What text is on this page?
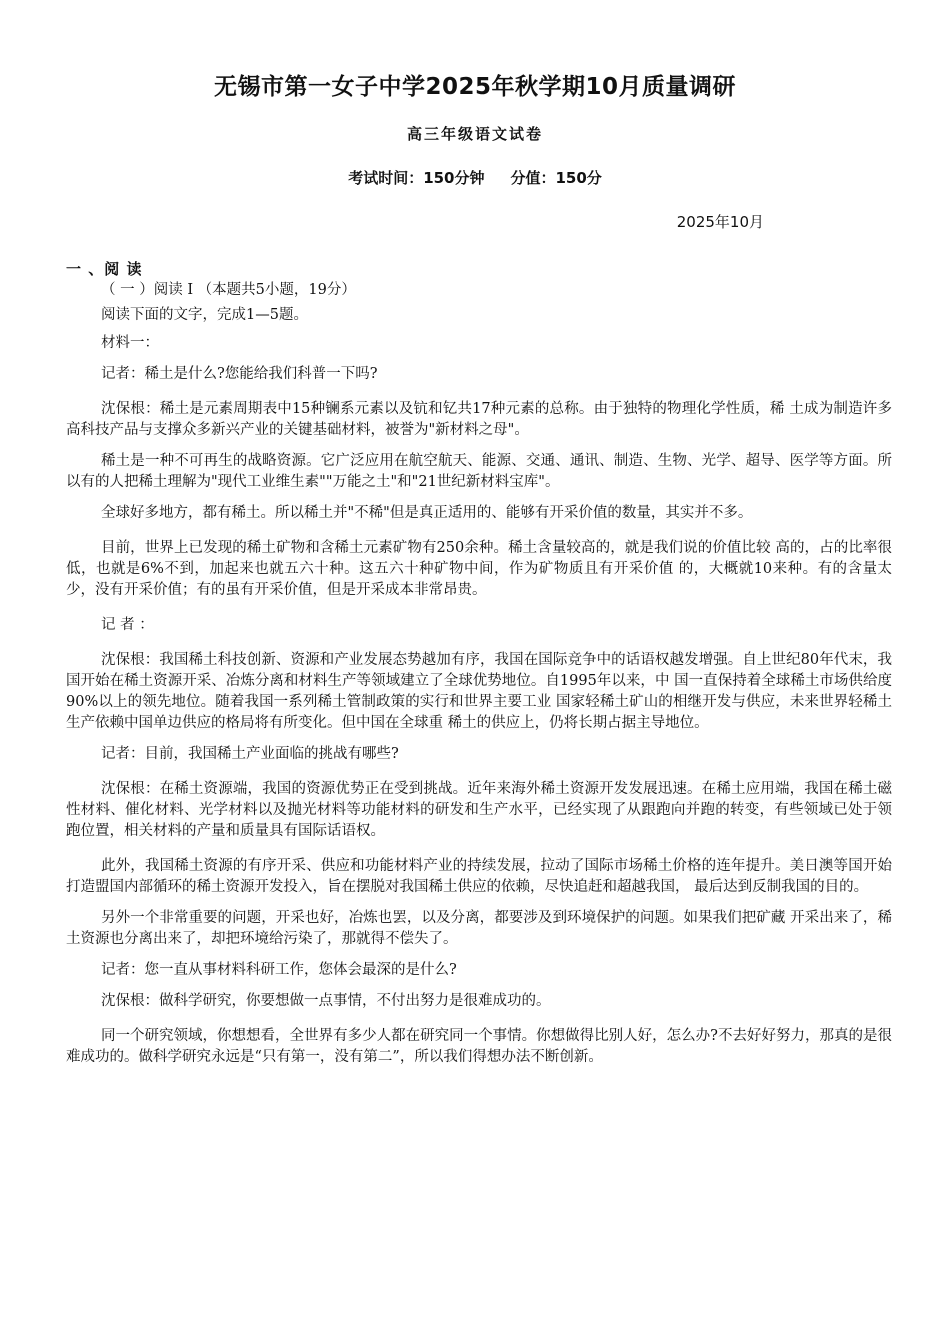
无锡市第一女子中学2025年秋学期10月质量调研
高三年级语文试卷
考试时间：150分钟 分值：150分
2025年10月
一 、阅 读

（ 一 ）阅读 I （本题共5小题，19分）

阅读下面的文字，完成1—5题。

材料一：

记者：稀土是什么?您能给我们科普一下吗?

沈保根：稀土是元素周期表中15种镧系元素以及钪和钇共17种元素的总称。由于独特的物理化学性质，稀 土成为制造许多高科技产品与支撑众多新兴产业的关键基础材料，被誉为"新材料之母"。

稀土是一种不可再生的战略资源。它广泛应用在航空航天、能源、交通、通讯、制造、生物、光学、超导、医学等方面。所以有的人把稀土理解为"现代工业维生素""万能之土"和"21世纪新材料宝库"。

全球好多地方，都有稀土。所以稀土并"不稀"但是真正适用的、能够有开采价值的数量，其实并不多。

目前，世界上已发现的稀土矿物和含稀土元素矿物有250余种。稀土含量较高的，就是我们说的价值比较 高的，占的比率很低，也就是6%不到，加起来也就五六十种。这五六十种矿物中间，作为矿物质且有开采价值 的，大概就10来种。有的含量太少，没有开采价值；有的虽有开采价值，但是开采成本非常昂贵。

记 者 ：

沈保根：我国稀土科技创新、资源和产业发展态势越加有序，我国在国际竞争中的话语权越发增强。自上世纪80年代末，我国开始在稀土资源开采、冶炼分离和材料生产等领域建立了全球优势地位。自1995年以来，中 国一直保持着全球稀土市场供给度90%以上的领先地位。随着我国一系列稀土管制政策的实行和世界主要工业 国家轻稀土矿山的相继开发与供应，未来世界轻稀土生产依赖中国单边供应的格局将有所变化。但中国在全球重 稀土的供应上，仍将长期占据主导地位。

记者：目前，我国稀土产业面临的挑战有哪些?

沈保根：在稀土资源端，我国的资源优势正在受到挑战。近年来海外稀土资源开发发展迅速。在稀土应用端，我国在稀土磁性材料、催化材料、光学材料以及抛光材料等功能材料的研发和生产水平，已经实现了从跟跑向并跑的转变，有些领域已处于领跑位置，相关材料的产量和质量具有国际话语权。

此外，我国稀土资源的有序开采、供应和功能材料产业的持续发展，拉动了国际市场稀土价格的连年提升。美日澳等国开始打造盟国内部循环的稀土资源开发投入，旨在摆脱对我国稀土供应的依赖，尽快追赶和超越我国， 最后达到反制我国的目的。

另外一个非常重要的问题，开采也好，冶炼也罢，以及分离，都要涉及到环境保护的问题。如果我们把矿藏 开采出来了，稀土资源也分离出来了，却把环境给污染了，那就得不偿失了。

记者：您一直从事材料科研工作，您体会最深的是什么?

沈保根：做科学研究，你要想做一点事情，不付出努力是很难成功的。

同一个研究领域，你想想看，全世界有多少人都在研究同一个事情。你想做得比别人好，怎么办?不去好好努力，那真的是很难成功的。做科学研究永远是“只有第一，没有第二”，所以我们得想办法不断创新。
